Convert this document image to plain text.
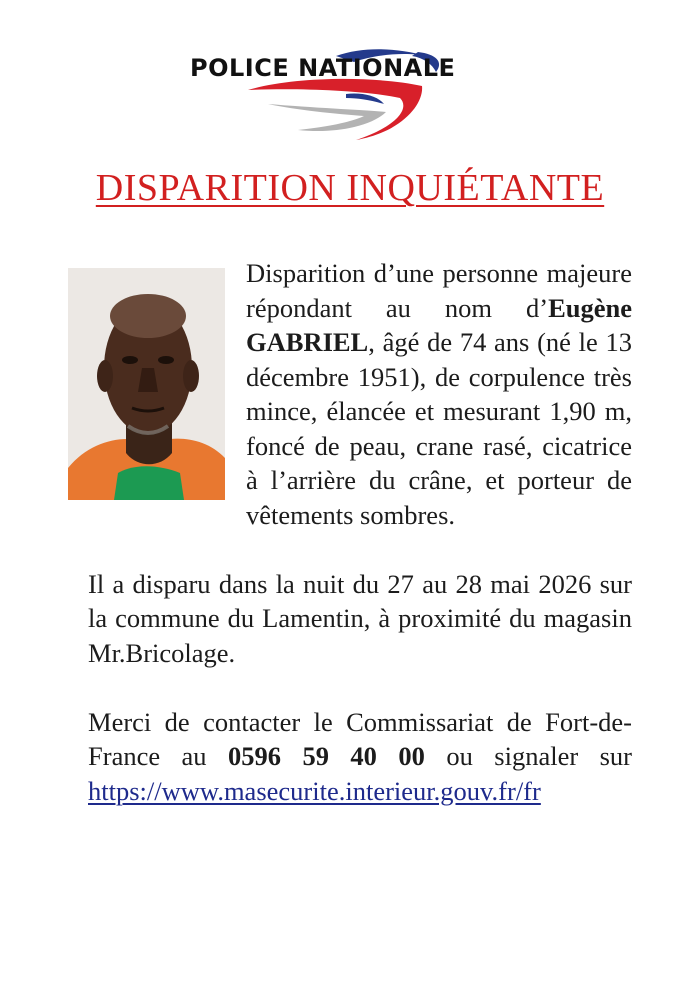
POLICE NATIONALE
DISPARITION INQUIÉTANTE

Disparition d’une personne majeure répondant au nom d’Eugène GABRIEL, âgé de 74 ans (né le 13 décembre 1951), de corpulence très mince, élancée et mesurant 1,90 m, foncé de peau, crane rasé, cicatrice à l’arrière du crâne, et porteur de vêtements sombres.

Il a disparu dans la nuit du 27 au 28 mai 2026 sur la commune du Lamentin, à proximité du magasin Mr.Bricolage.

Merci de contacter le Commissariat de Fort-de-France au 0596 59 40 00 ou signaler sur https://www.masecurite.interieur.gouv.fr/fr
